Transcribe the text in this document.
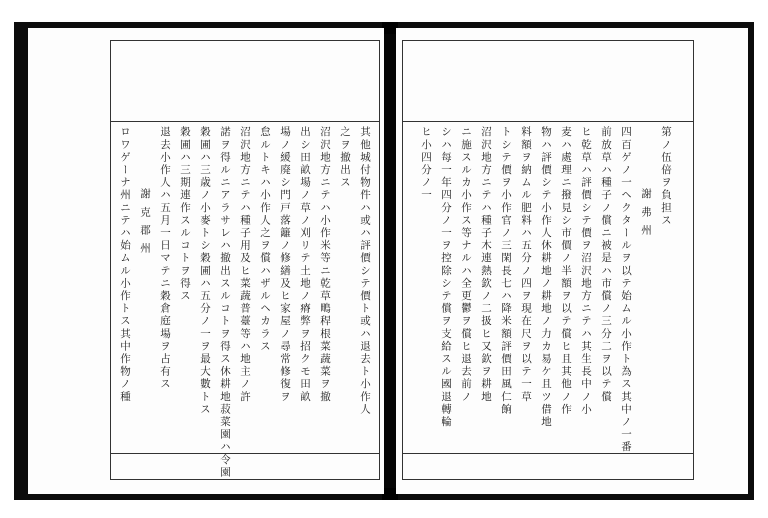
其他城付物件ハ或ハ評價シテ價ト或ハ退去ト小作人
之ヲ撤出ス
沼沢地方ニテハ小作米等ニ乾草鴫稈根菜蔬菜ヲ撤
出シ田畝場ノ草ノ刈リテ土地ノ瘠弊ヲ招クモ田畝
場ノ緩廃シ門戸落籬ノ修繕及ヒ家屋ノ尋常修復ヲ
怠ルトキハ小作人之ヲ償ハザルヘカラス
沼沢地方ニテハ種子用及ヒ菜蔬普薹等ハ地主ノ許
諾ヲ得ルニアラサレハ撤出スルコトヲ得ス休耕地菽菜園ハ令園
穀圃ハ三歳ノ小麥トシ穀圃ハ五分ノ一ヲ最大數トス
穀圃ハ三期連作スルコトヲ得ス
退去小作人ハ五月一日マテニ穀倉庭場ヲ占有ス
謝 克 郡 州
ロワゲーナ州ニテハ始ムル小作トス其中作物ノ種	第ノ伍倍ヲ負担ス
謝 弗 州
四百ゲノ一ヘクタールヲ以テ始ムル小作ト為ス其中ノ一番
前放草ハ種子ノ償ニ被是ハ市償ノ三分二ヲ以テ償
ヒ乾草ハ評價シテ價ヲ沼沢地方ニテハ其生長中ノ小
麦ハ處理ニ撥見シ市價ノ半額ヲ以テ償ヒ且其他ノ作
物ハ評價シテ小作人休耕地ノ耕地ノ力カ易ケ且ツ借地
料額ヲ納ムル肥料ハ五分ノ四ヲ現在尺ヲ以テ一草
トシテ價ヲ小作官ノ三閑長七ハ降米額評價田風仁餉
沼沢地方ニテハ種子木連熱欽ノ二扱ヒ又欽ヲ耕地
ニ施スルカ小作ス等ナルハ全更鬱ヲ償ヒ退去前ノ
シハ每一年四分ノ一ヲ控除シテ償ヲ支給スル國退轉輪
ヒ小四分ノ一
